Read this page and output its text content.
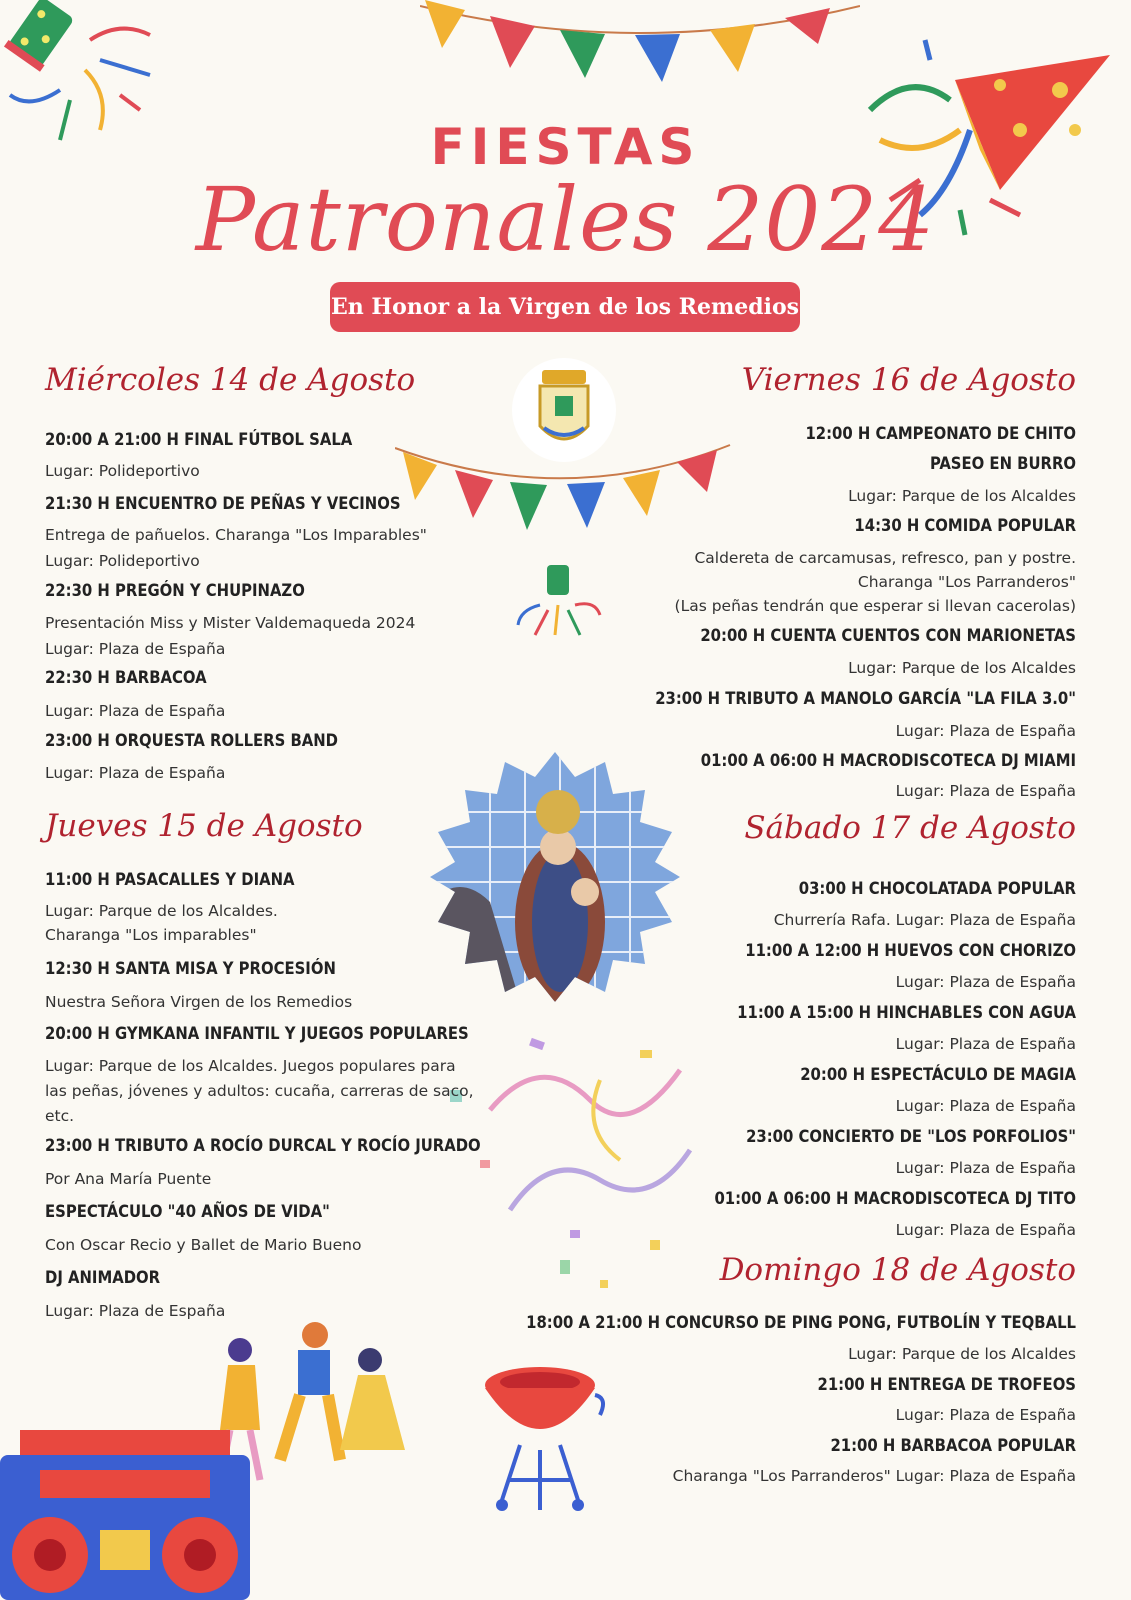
FIESTAS
Patronales 2024
En Honor a la Virgen de los Remedios
Miércoles 14 de Agosto
20:00 A 21:00 H FINAL FÚTBOL SALA
Lugar: Polideportivo
21:30 H ENCUENTRO DE PEÑAS Y VECINOS
Entrega de pañuelos. Charanga "Los Imparables"
Lugar: Polideportivo
22:30 H PREGÓN Y CHUPINAZO
Presentación Miss y Mister Valdemaqueda 2024
Lugar: Plaza de España
22:30 H BARBACOA
Lugar: Plaza de España
23:00 H ORQUESTA ROLLERS BAND
Lugar: Plaza de España
Jueves 15 de Agosto
11:00 H PASACALLES Y DIANA
Lugar: Parque de los Alcaldes.
Charanga "Los imparables"
12:30 H SANTA MISA Y PROCESIÓN
Nuestra Señora Virgen de los Remedios
20:00 H GYMKANA INFANTIL Y JUEGOS POPULARES
Lugar: Parque de los Alcaldes. Juegos populares para
las peñas, jóvenes y adultos: cucaña, carreras de saco,
etc.
23:00 H TRIBUTO A ROCÍO DURCAL Y ROCÍO JURADO
Por Ana María Puente
ESPECTÁCULO "40 AÑOS DE VIDA"
Con Oscar Recio y Ballet de Mario Bueno
DJ ANIMADOR
Lugar: Plaza de España
Viernes 16 de Agosto
12:00 H CAMPEONATO DE CHITO
PASEO EN BURRO
Lugar: Parque de los Alcaldes
14:30 H COMIDA POPULAR
Caldereta de carcamusas, refresco, pan y postre.
Charanga "Los Parranderos"
(Las peñas tendrán que esperar si llevan cacerolas)
20:00 H CUENTA CUENTOS CON MARIONETAS
Lugar: Parque de los Alcaldes
23:00 H TRIBUTO A MANOLO GARCÍA "LA FILA 3.0"
Lugar: Plaza de España
01:00 A 06:00 H MACRODISCOTECA DJ MIAMI
Lugar: Plaza de España
Sábado 17 de Agosto
03:00 H CHOCOLATADA POPULAR
Churrería Rafa. Lugar: Plaza de España
11:00 A 12:00 H HUEVOS CON CHORIZO
Lugar: Plaza de España
11:00 A 15:00 H HINCHABLES CON AGUA
Lugar: Plaza de España
20:00 H ESPECTÁCULO DE MAGIA
Lugar: Plaza de España
23:00 CONCIERTO DE "LOS PORFOLIOS"
Lugar: Plaza de España
01:00 A 06:00 H MACRODISCOTECA DJ TITO
Lugar: Plaza de España
Domingo 18 de Agosto
18:00 A 21:00 H CONCURSO DE PING PONG, FUTBOLÍN Y TEQBALL
Lugar: Parque de los Alcaldes
21:00 H ENTREGA DE TROFEOS
Lugar: Plaza de España
21:00 H BARBACOA POPULAR
Charanga "Los Parranderos" Lugar: Plaza de España
